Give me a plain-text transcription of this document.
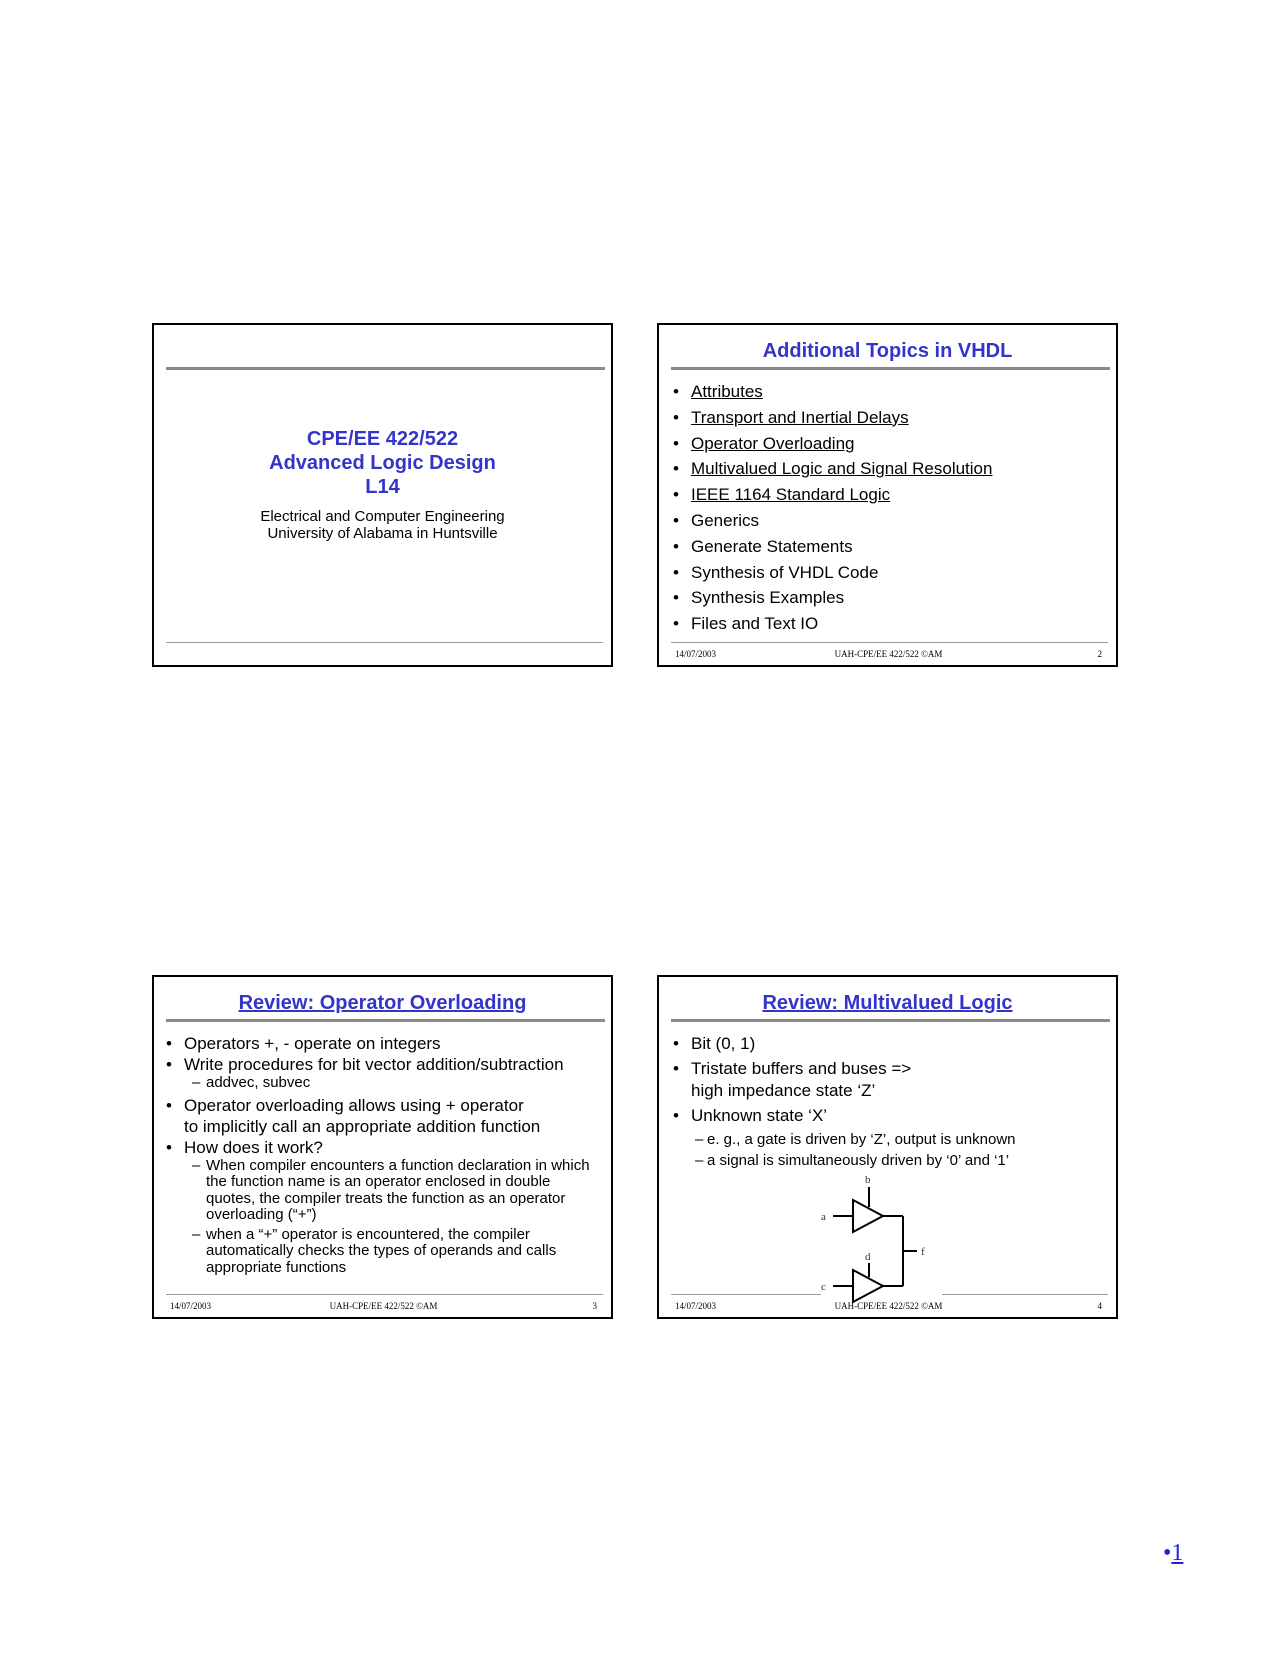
CPE/EE 422/522
Advanced Logic Design
L14
Electrical and Computer Engineering
University of Alabama in Huntsville
Additional Topics in VHDL
• Attributes
• Transport and Inertial Delays
• Operator Overloading
• Multivalued Logic and Signal Resolution
• IEEE 1164 Standard Logic
• Generics
• Generate Statements
• Synthesis of VHDL Code
• Synthesis Examples
• Files and Text IO
14/07/2003	UAH-CPE/EE 422/522 ©AM	2
Review: Operator Overloading
• Operators +, - operate on integers
• Write procedures for bit vector addition/subtraction
– addvec, subvec
• Operator overloading allows using + operator
to implicitly call an appropriate addition function
• How does it work?
– When compiler encounters a function declaration in which the function name is an operator enclosed in double quotes, the compiler treats the function as an operator overloading (“+”)
– when a “+” operator is encountered, the compiler automatically checks the types of operands and calls appropriate functions
14/07/2003	UAH-CPE/EE 422/522 ©AM	3
Review: Multivalued Logic
• Bit (0, 1)
• Tristate buffers and buses =>
high impedance state ‘Z’
• Unknown state ‘X’
– e. g., a gate is driven by ‘Z’, output is unknown
– a signal is simultaneously driven by ‘0’ and ‘1’
a
b
c
d	f
14/07/2003	UAH-CPE/EE 422/522 ©AM	4
•1
